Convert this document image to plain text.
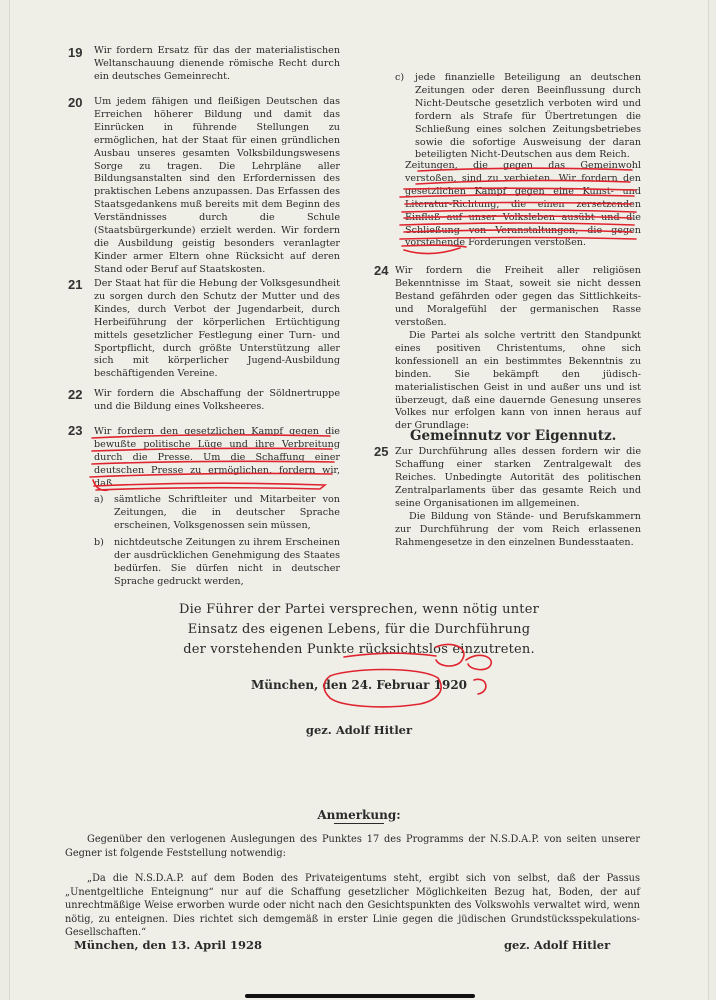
19 Wir fordern Ersatz für das der materialistischen Weltanschauung dienende römische Recht durch ein deutsches Gemeinrecht.
20 Um jedem fähigen und fleißigen Deutschen das Erreichen höherer Bildung und damit das Einrücken in führende Stellungen zu ermöglichen, hat der Staat für einen gründlichen Ausbau unseres gesamten Volksbildungswesens Sorge zu tragen. Die Lehrpläne aller Bildungsanstalten sind den Erfordernissen des praktischen Lebens anzupassen. Das Erfassen des Staatsgedankens muß bereits mit dem Beginn des Verständnisses durch die Schule (Staatsbürgerkunde) erzielt werden. Wir fordern die Ausbildung geistig besonders veranlagter Kinder armer Eltern ohne Rücksicht auf deren Stand oder Beruf auf Staatskosten.
21 Der Staat hat für die Hebung der Volksgesundheit zu sorgen durch den Schutz der Mutter und des Kindes, durch Verbot der Jugendarbeit, durch Herbeiführung der körperlichen Ertüchtigung mittels gesetzlicher Festlegung einer Turn- und Sportpflicht, durch größte Unterstützung aller sich mit körperlicher Jugend-Ausbildung beschäftigenden Vereine.
22 Wir fordern die Abschaffung der Söldnertruppe und die Bildung eines Volksheeres.
23 Wir fordern den gesetzlichen Kampf gegen die bewußte politische Lüge und ihre Verbreitung durch die Presse. Um die Schaffung einer deutschen Presse zu ermöglichen, fordern wir, daß
a) sämtliche Schriftleiter und Mitarbeiter von Zeitungen, die in deutscher Sprache erscheinen, Volksgenossen sein müssen,
b) nichtdeutsche Zeitungen zu ihrem Erscheinen der ausdrücklichen Genehmigung des Staates bedürfen. Sie dürfen nicht in deutscher Sprache gedruckt werden,
c) jede finanzielle Beteiligung an deutschen Zeitungen oder deren Beeinflussung durch Nicht-Deutsche gesetzlich verboten wird und fordern als Strafe für Übertretungen die Schließung eines solchen Zeitungsbetriebes sowie die sofortige Ausweisung der daran beteiligten Nicht-Deutschen aus dem Reich.
Zeitungen, die gegen das Gemeinwohl verstoßen, sind zu verbieten. Wir fordern den gesetzlichen Kampf gegen eine Kunst- und Literatur-Richtung, die einen zersetzenden Einfluß auf unser Volksleben ausübt und die Schließung von Veranstaltungen, die gegen vorstehende Forderungen verstoßen.
24 Wir fordern die Freiheit aller religiösen Bekenntnisse im Staat, soweit sie nicht dessen Bestand gefährden oder gegen das Sittlichkeits- und Moralgefühl der germanischen Rasse verstoßen.
Die Partei als solche vertritt den Standpunkt eines positiven Christentums, ohne sich konfessionell an ein bestimmtes Bekenntnis zu binden. Sie bekämpft den jüdisch-materialistischen Geist in und außer uns und ist überzeugt, daß eine dauernde Genesung unseres Volkes nur erfolgen kann von innen heraus auf der Grundlage:
Gemeinnutz vor Eigennutz.
25 Zur Durchführung alles dessen fordern wir die Schaffung einer starken Zentralgewalt des Reiches. Unbedingte Autorität des politischen Zentralparlaments über das gesamte Reich und seine Organisationen im allgemeinen.
Die Bildung von Stände- und Berufskammern zur Durchführung der vom Reich erlassenen Rahmengesetze in den einzelnen Bundesstaaten.
Die Führer der Partei versprechen, wenn nötig unter
Einsatz des eigenen Lebens, für die Durchführung
der vorstehenden Punkte rücksichtslos einzutreten.
München, den 24. Februar 1920
gez. Adolf Hitler
Anmerkung:
Gegenüber den verlogenen Auslegungen des Punktes 17 des Programms der N.S.D.A.P. von seiten unserer Gegner ist folgende Feststellung notwendig:
„Da die N.S.D.A.P. auf dem Boden des Privateigentums steht, ergibt sich von selbst, daß der Passus „Unentgeltliche Enteignung“ nur auf die Schaffung gesetzlicher Möglichkeiten Bezug hat, Boden, der auf unrechtmäßige Weise erworben wurde oder nicht nach den Gesichtspunkten des Volkswohls verwaltet wird, wenn nötig, zu enteignen. Dies richtet sich demgemäß in erster Linie gegen die jüdischen Grundstücksspekulations-Gesellschaften.“
München, den 13. April 1928	gez. Adolf Hitler
